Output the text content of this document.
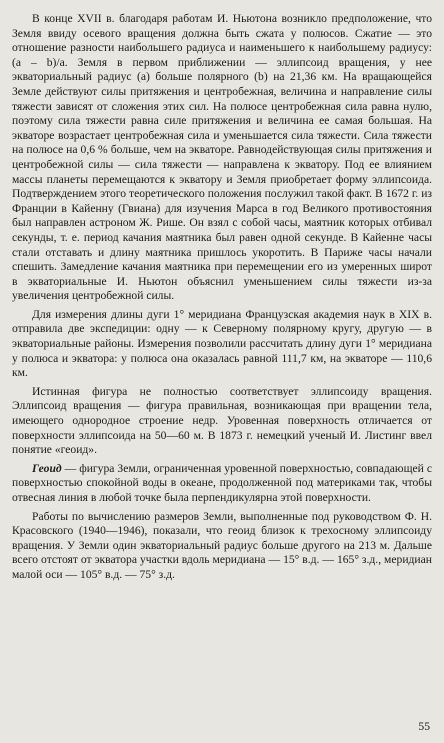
В конце XVII в. благодаря работам И. Ньютона возникло предположение, что Земля ввиду осевого вращения должна быть сжата у полюсов. Сжатие — это отношение разности наибольшего радиуса и наименьшего к наибольшему радиусу: (a – b)/a. Земля в первом приближении — эллипсоид вращения, у нее экваториальный радиус (a) больше полярного (b) на 21,36 км. На вращающейся Земле действуют силы притяжения и центробежная, величина и направление силы тяжести зависят от сложения этих сил. На полюсе центробежная сила равна нулю, поэтому сила тяжести равна силе притяжения и величина ее самая большая. На экваторе возрастает центробежная сила и уменьшается сила тяжести. Сила тяжести на полюсе на 0,6 % больше, чем на экваторе. Равнодействующая силы притяжения и центробежной силы — сила тяжести — направлена к экватору. Под ее влиянием массы планеты перемещаются к экватору и Земля приобретает форму эллипсоида. Подтверждением этого теоретического положения послужил такой факт. В 1672 г. из Франции в Кайенну (Гвиана) для изучения Марса в год Великого противостояния был направлен астроном Ж. Рише. Он взял с собой часы, маятник которых отбивал секунды, т. е. период качания маятника был равен одной секунде. В Кайенне часы стали отставать и длину маятника пришлось укоротить. В Париже часы начали спешить. Замедление качания маятника при перемещении его из умеренных широт в экваториальные И. Ньютон объяснил уменьшением силы тяжести из-за увеличения центробежной силы.

Для измерения длины дуги 1° меридиана Французская академия наук в XIX в. отправила две экспедиции: одну — к Северному полярному кругу, другую — в экваториальные районы. Измерения позволили рассчитать длину дуги 1° меридиана у полюса и экватора: у полюса она оказалась равной 111,7 км, на экваторе — 110,6 км.

Истинная фигура не полностью соответствует эллипсоиду вращения. Эллипсоид вращения — фигура правильная, возникающая при вращении тела, имеющего однородное строение недр. Уровенная поверхность отличается от поверхности эллипсоида на 50—60 м. В 1873 г. немецкий ученый И. Листинг ввел понятие «геоид».

Геоид — фигура Земли, ограниченная уровенной поверхностью, совпадающей с поверхностью спокойной воды в океане, продолженной под материками так, чтобы отвесная линия в любой точке была перпендикулярна этой поверхности.

Работы по вычислению размеров Земли, выполненные под руководством Ф. Н. Красовского (1940—1946), показали, что геоид близок к трехосному эллипсоиду вращения. У Земли один экваториальный радиус больше другого на 213 м. Дальше всего отстоят от экватора участки вдоль меридиана — 15° в.д. — 165° з.д., меридиан малой оси — 105° в.д. — 75° з.д.

55
